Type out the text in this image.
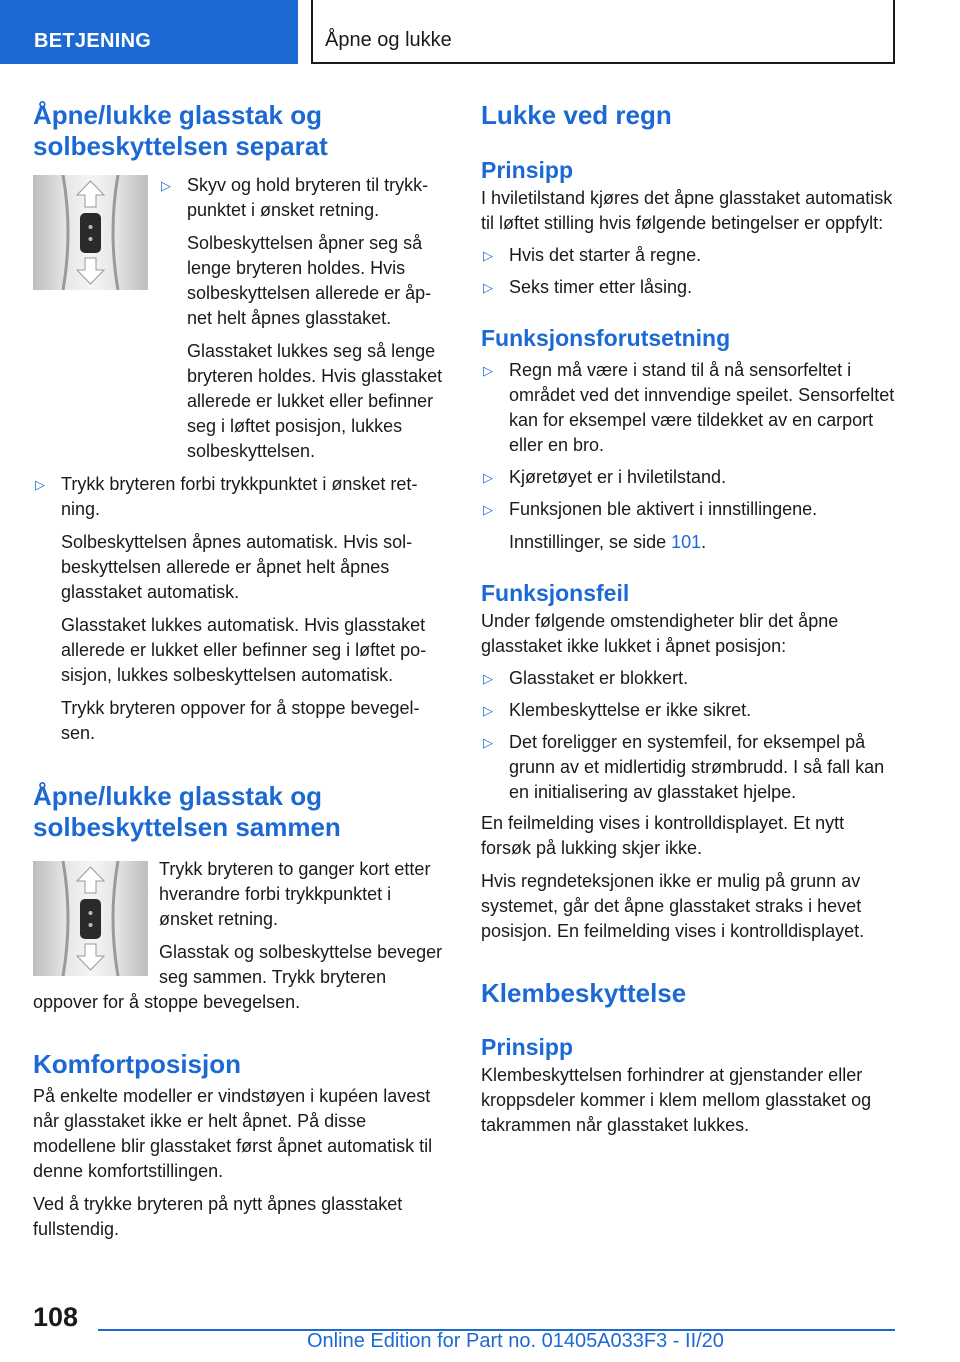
BETJENING	Åpne og lukke
Åpne/lukke glasstak og solbeskyttelsen separat
▷ Skyv og hold bryteren til trykkpunktet i ønsket retning.

Solbeskyttelsen åpner seg så lenge bryteren holdes. Hvis solbeskyttelsen allerede er åpnet helt åpnes glasstaket.

Glasstaket lukkes seg så lenge bryteren holdes. Hvis glasstaket allerede er lukket eller befinner seg i løftet posisjon, lukkes solbeskyttelsen.

▷ Trykk bryteren forbi trykkpunktet i ønsket retning.

Solbeskyttelsen åpnes automatisk. Hvis solbeskyttelsen allerede er åpnet helt åpnes glasstaket automatisk.

Glasstaket lukkes automatisk. Hvis glasstaket allerede er lukket eller befinner seg i løftet posisjon, lukkes solbeskyttelsen automatisk.

Trykk bryteren oppover for å stoppe bevegelsen.

Åpne/lukke glasstak og solbeskyttelsen sammen

Trykk bryteren to ganger kort etter hverandre forbi trykkpunktet i ønsket retning.

Glasstak og solbeskyttelse beveger seg sammen. Trykk bryteren oppover for å stoppe bevegelsen.

Komfortposisjon

På enkelte modeller er vindstøyen i kupéen lavest når glasstaket ikke er helt åpnet. På disse modellene blir glasstaket først åpnet automatisk til denne komfortstillingen.

Ved å trykke bryteren på nytt åpnes glasstaket fullstendig.

Lukke ved regn
Prinsipp

I hviletilstand kjøres det åpne glasstaket automatisk til løftet stilling hvis følgende betingelser er oppfylt:

▷ Hvis det starter å regne.
▷ Seks timer etter låsing.
Funksjonsforutsetning
▷ Regn må være i stand til å nå sensorfeltet i området ved det innvendige speilet. Sensorfeltet kan for eksempel være tildekket av en carport eller en bro.
▷ Kjøretøyet er i hviletilstand.
▷ Funksjonen ble aktivert i innstillingene.

Innstillinger, se side 101.

Funksjonsfeil

Under følgende omstendigheter blir det åpne glasstaket ikke lukket i åpnet posisjon:

▷ Glasstaket er blokkert.
▷ Klembeskyttelse er ikke sikret.
▷ Det foreligger en systemfeil, for eksempel på grunn av et midlertidig strømbrudd. I så fall kan en initialisering av glasstaket hjelpe.

En feilmelding vises i kontrolldisplayet. Et nytt forsøk på lukking skjer ikke.

Hvis regndeteksjonen ikke er mulig på grunn av systemet, går det åpne glasstaket straks i hevet posisjon. En feilmelding vises i kontrolldisplayet.

Klembeskyttelse
Prinsipp

Klembeskyttelsen forhindrer at gjenstander eller kroppsdeler kommer i klem mellom glasstaket og takrammen når glasstaket lukkes.

108
Online Edition for Part no. 01405A033F3 - II/20
